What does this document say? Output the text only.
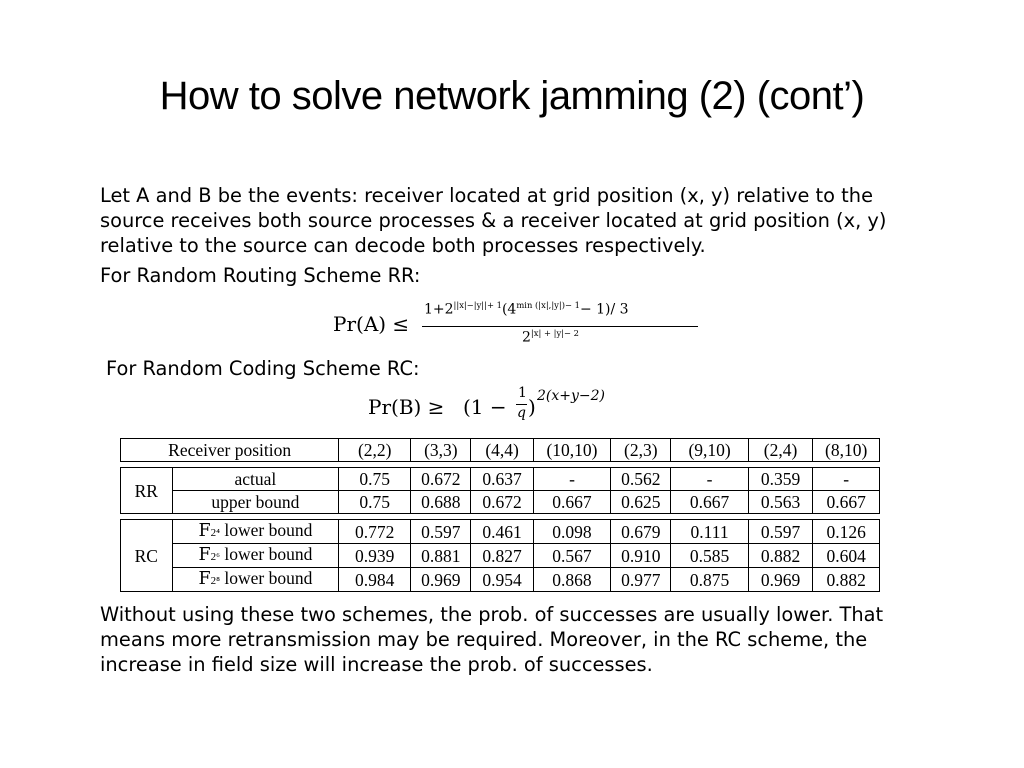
How to solve network jamming (2) (cont’)
Let A and B be the events: receiver located at grid position (x, y) relative to the source receives both source processes & a receiver located at grid position (x, y) relative to the source can decode both processes respectively.
For Random Routing Scheme RR:
Pr(A) ≤
$1+2^{||x|-|y||+ 1}(4^{min (|x|,|y|)- 1}- 1)/$ 3
$2^{|x| + |y|- 2}$
For Random Coding Scheme RC:
Pr(B) ≥ (1 −
1
q ) 2(x+y−2)
Receiver position	(2,2)	(3,3)	(4,4)	(10,10)	(2,3)	(9,10)	(2,4)	(8,10)
RR	actual	0.75	0.672	0.637	-	0.562	-	0.359	-
	upper bound	0.75	0.688	0.672	0.667	0.625	0.667	0.563	0.667
RC	F2⁴ lower bound	0.772	0.597	0.461	0.098	0.679	0.111	0.597	0.126
	F2⁶ lower bound	0.939	0.881	0.827	0.567	0.910	0.585	0.882	0.604
	F2⁸ lower bound	0.984	0.969	0.954	0.868	0.977	0.875	0.969	0.882
Without using these two schemes, the prob. of successes are usually lower. That means more retransmission may be required. Moreover, in the RC scheme, the increase in field size will increase the prob. of successes.
